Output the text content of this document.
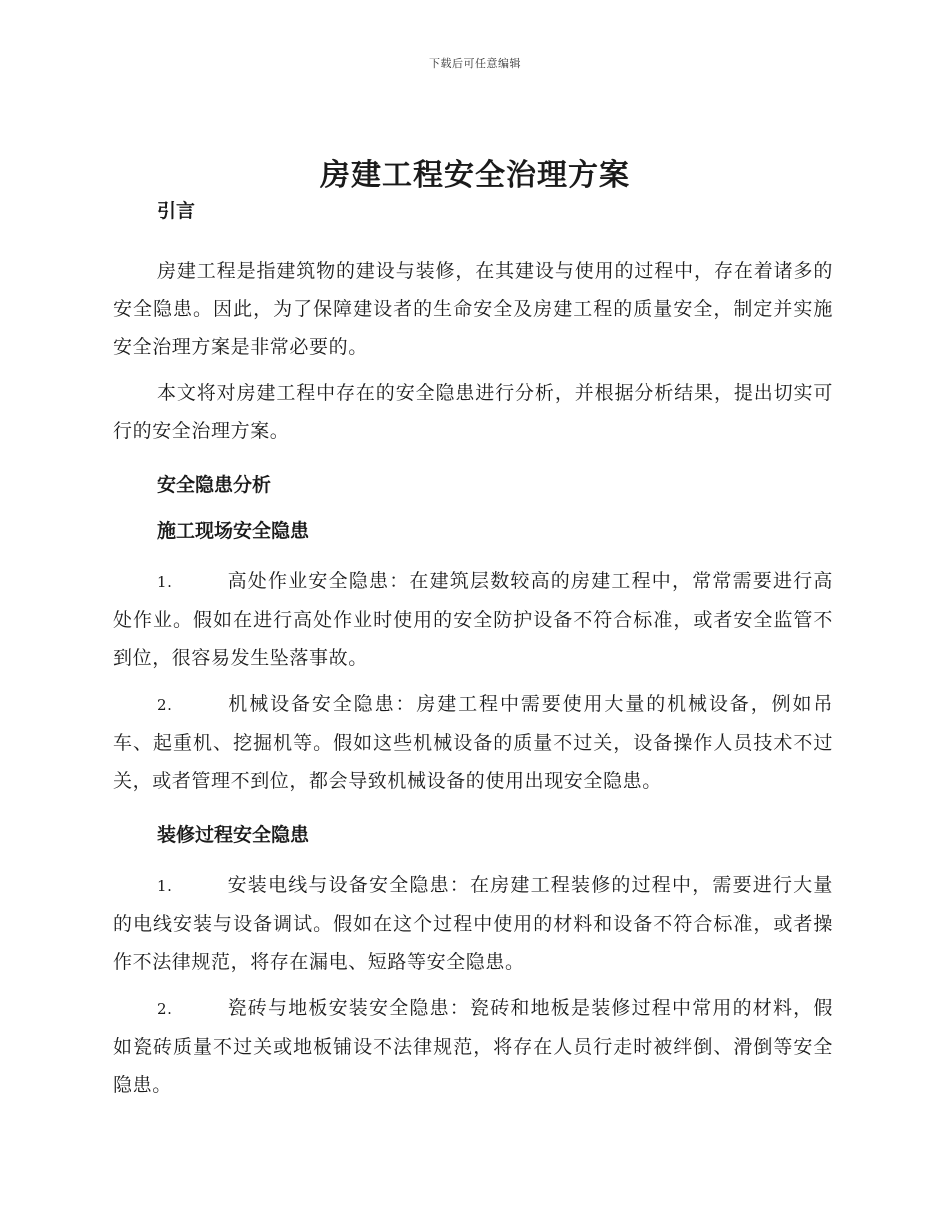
下载后可任意编辑
房建工程安全治理方案

引言

房建工程是指建筑物的建设与装修，在其建设与使用的过程中，存在着诸多的安全隐患。因此，为了保障建设者的生命安全及房建工程的质量安全，制定并实施安全治理方案是非常必要的。

本文将对房建工程中存在的安全隐患进行分析，并根据分析结果，提出切实可行的安全治理方案。

安全隐患分析

施工现场安全隐患

1.	高处作业安全隐患：在建筑层数较高的房建工程中，常常需要进行高处作业。假如在进行高处作业时使用的安全防护设备不符合标准，或者安全监管不到位，很容易发生坠落事故。

2.	机械设备安全隐患：房建工程中需要使用大量的机械设备，例如吊车、起重机、挖掘机等。假如这些机械设备的质量不过关，设备操作人员技术不过关，或者管理不到位，都会导致机械设备的使用出现安全隐患。

装修过程安全隐患

1.	安装电线与设备安全隐患：在房建工程装修的过程中，需要进行大量的电线安装与设备调试。假如在这个过程中使用的材料和设备不符合标准，或者操作不法律规范，将存在漏电、短路等安全隐患。

2.	瓷砖与地板安装安全隐患：瓷砖和地板是装修过程中常用的材料，假如瓷砖质量不过关或地板铺设不法律规范，将存在人员行走时被绊倒、滑倒等安全隐患。
